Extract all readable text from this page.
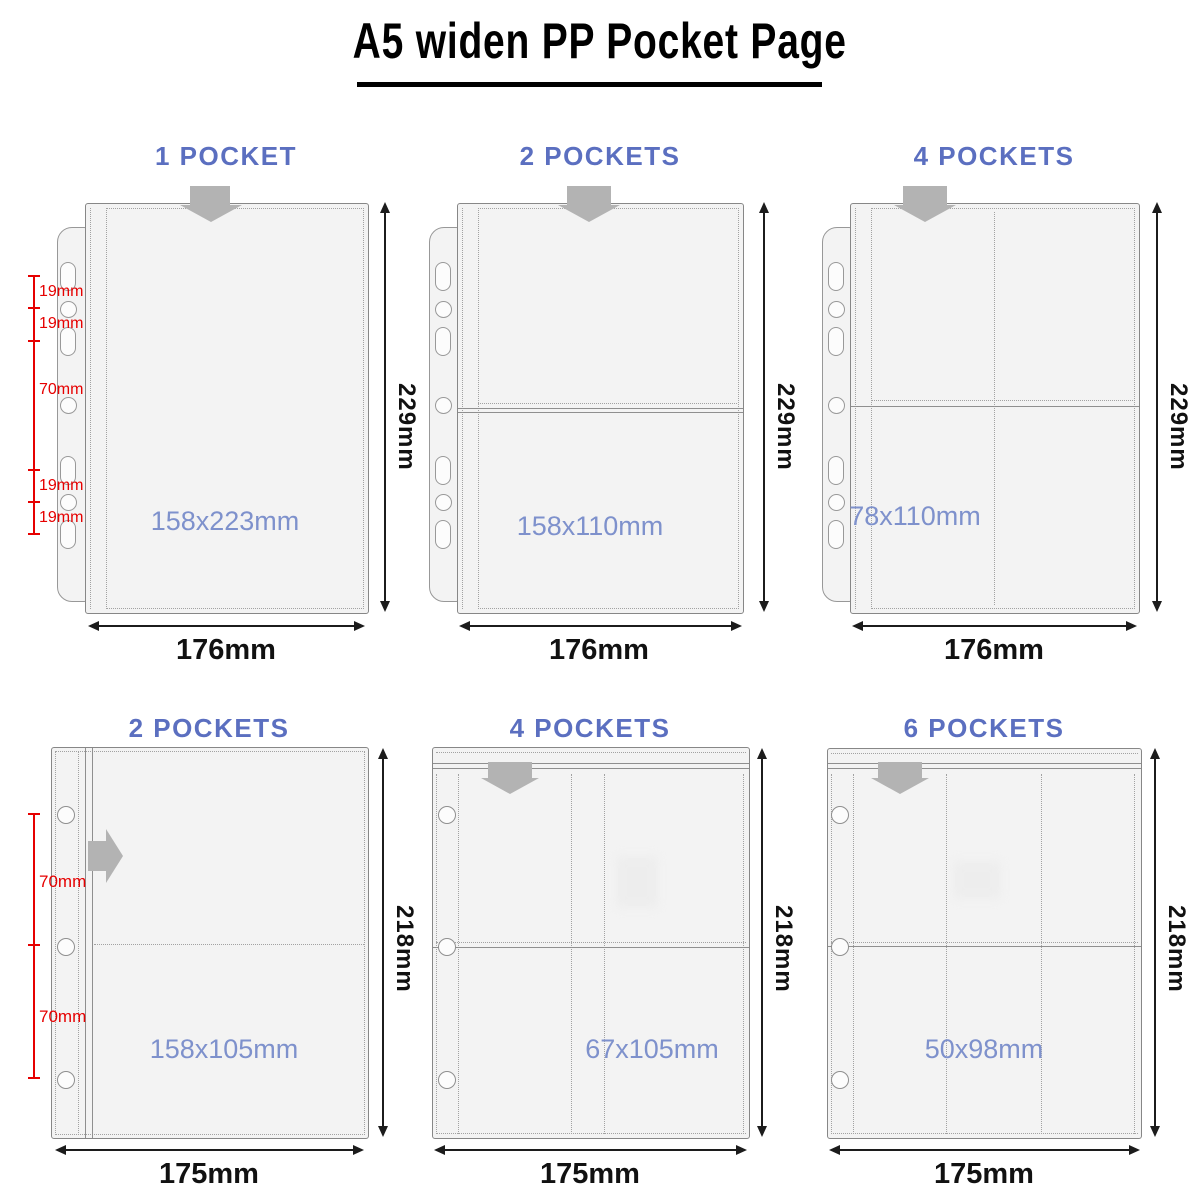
A5 widen PP Pocket Page
1 POCKET
19mm
19mm
70mm
19mm
19mm	158x223mm
229mm
176mm
2 POCKETS
158x110mm
229mm
176mm
4 POCKETS
78x110mm
229mm
176mm
2 POCKETS
70mm
70mm
158x105mm
218mm
175mm
4 POCKETS
67x105mm
218mm
175mm
6 POCKETS
50x98mm
218mm
175mm
